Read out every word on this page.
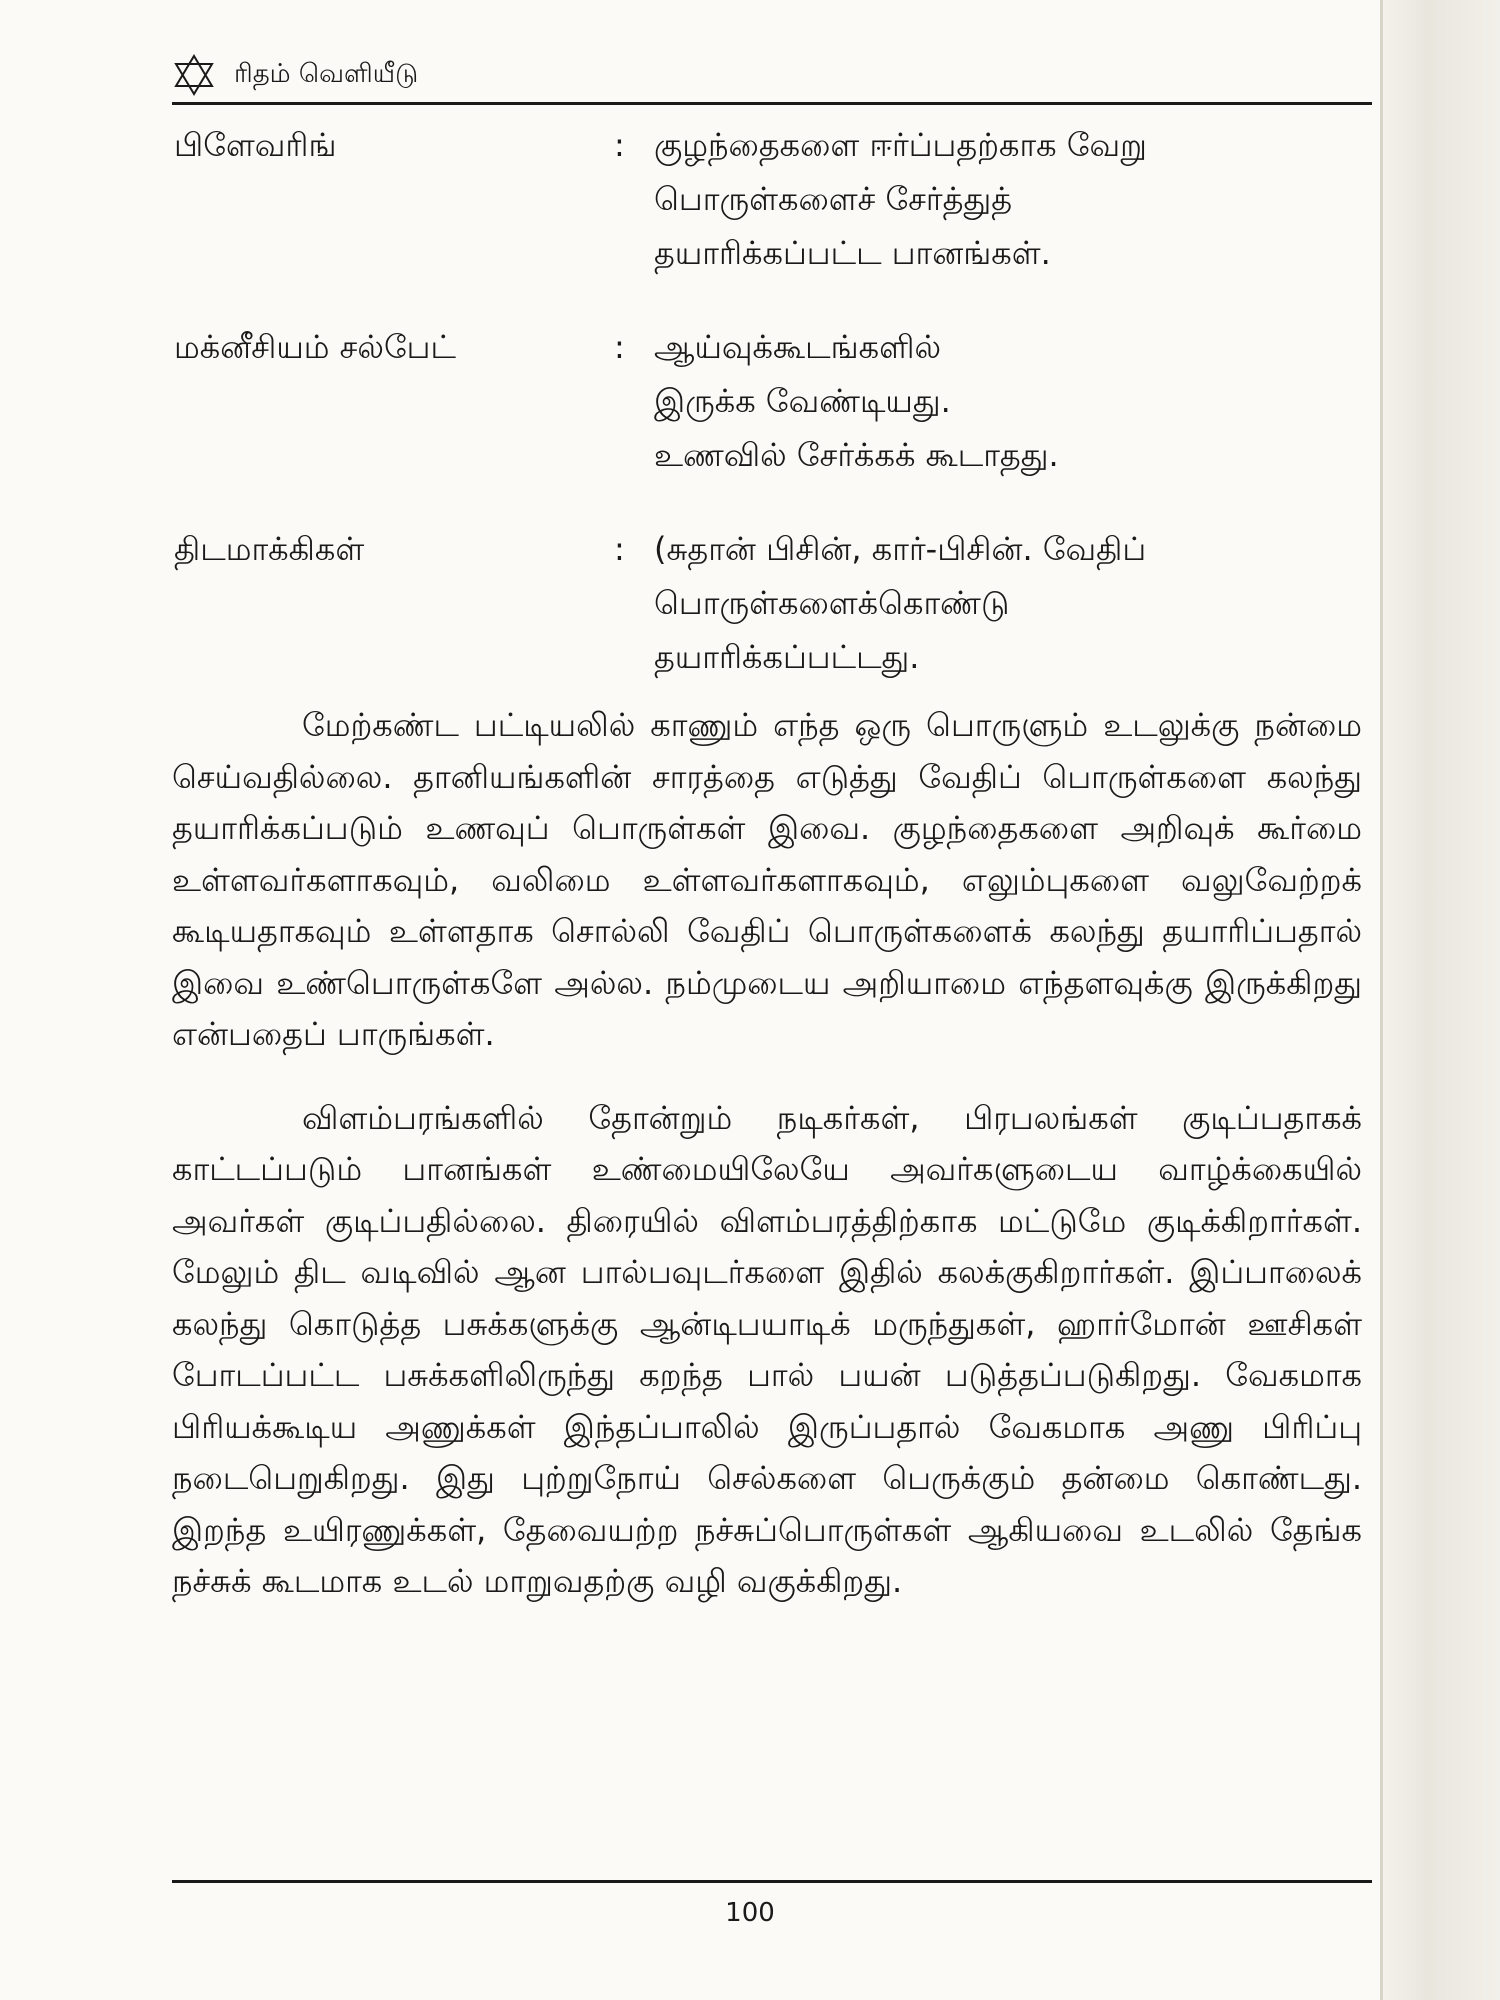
ரிதம் வெளியீடு
பிளேவரிங்	: குழந்தைகளை ஈர்ப்பதற்காக வேறு
பொருள்களைச் சேர்த்துத்
தயாரிக்கப்பட்ட பானங்கள்.
மக்னீசியம் சல்பேட்	: ஆய்வுக்கூடங்களில்
இருக்க வேண்டியது.
உணவில் சேர்க்கக் கூடாதது.
திடமாக்கிகள்	: (சுதான் பிசின், கார்-பிசின். வேதிப்
பொருள்களைக்கொண்டு
தயாரிக்கப்பட்டது.

மேற்கண்ட பட்டியலில் காணும் எந்த ஒரு பொருளும் உடலுக்கு நன்மை செய்வதில்லை. தானியங்களின் சாரத்தை எடுத்து வேதிப் பொருள்களை கலந்து தயாரிக்கப்படும் உணவுப் பொருள்கள் இவை. குழந்தைகளை அறிவுக் கூர்மை உள்ளவர்களாகவும், வலிமை உள்ளவர்களாகவும், எலும்புகளை வலுவேற்றக் கூடியதாகவும் உள்ளதாக சொல்லி வேதிப் பொருள்களைக் கலந்து தயாரிப்பதால் இவை உண்பொருள்களே அல்ல. நம்முடைய அறியாமை எந்தளவுக்கு இருக்கிறது என்பதைப் பாருங்கள்.

விளம்பரங்களில் தோன்றும் நடிகர்கள், பிரபலங்கள் குடிப்பதாகக் காட்டப்படும் பானங்கள் உண்மையிலேயே அவர்களுடைய வாழ்க்கையில் அவர்கள் குடிப்பதில்லை. திரையில் விளம்பரத்திற்காக மட்டுமே குடிக்கிறார்கள். மேலும் திட வடிவில் ஆன பால்பவுடர்களை இதில் கலக்குகிறார்கள். இப்பாலைக் கலந்து கொடுத்த பசுக்களுக்கு ஆன்டிபயாடிக் மருந்துகள், ஹார்மோன் ஊசிகள் போடப்பட்ட பசுக்களிலிருந்து கறந்த பால் பயன் படுத்தப்படுகிறது. வேகமாக பிரியக்கூடிய அணுக்கள் இந்தப்பாலில் இருப்பதால் வேகமாக அணு பிரிப்பு நடைபெறுகிறது. இது புற்றுநோய் செல்களை பெருக்கும் தன்மை கொண்டது. இறந்த உயிரணுக்கள், தேவையற்ற நச்சுப்பொருள்கள் ஆகியவை உடலில் தேங்க நச்சுக் கூடமாக உடல் மாறுவதற்கு வழி வகுக்கிறது.

100
